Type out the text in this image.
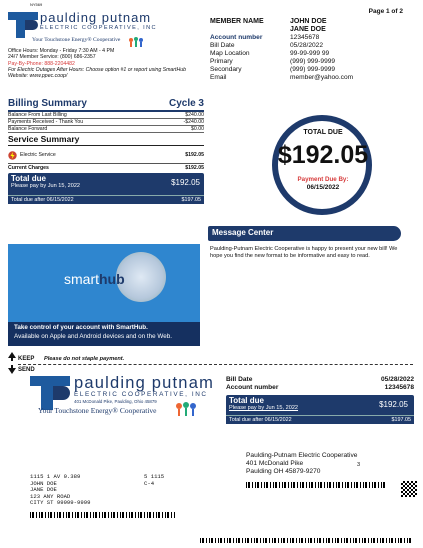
NY569
Page 1 of 2
paulding putnam
ELECTRIC COOPERATIVE, INC
Your Touchstone Energy® Cooperative
Office Hours: Monday - Friday 7:30 AM - 4 PM
24/7 Member Service: (800) 686-2357
Pay-By-Phone: 888-2204482
For Electric Outages After Hours: Choose option #1 or report using SmartHub
Website: www.ppec.coop/
MEMBER NAME	JOHN DOE
JANE DOE
Account number	12345678
Bill Date	05/28/2022
Map Location	99-99-999 99
Primary	(999) 999-9999
Secondary	(999) 999-9999
Email	member@yahoo.com
Billing Summary	Cycle 3
Balance From Last Billing	$240.00
Payments Received - Thank You	-$240.00
Balance Forward	$0.00
Service Summary
Electric Service	$192.05
Current Charges	$192.05
Total due
Please pay by Jun 15, 2022	$192.05
Total due after 06/15/2022	$197.05
TOTAL DUE
$192.05
Payment Due By:
06/15/2022
Message Center
Paulding-Putnam Electric Cooperative is happy to present your new bill! We hope you find the new format to be informative and easy to read.
smarthub
Take control of your account with SmartHub.
Available on Apple and Android devices and on the Web.
KEEP
SEND
Please do not staple payment.
paulding putnam
ELECTRIC COOPERATIVE, INC
401 McDonald Pike, Paulding, Ohio 45879
Your Touchstone Energy® Cooperative
Bill Date	05/28/2022
Account number	12345678
Total due
Please pay by Jun 15, 2022	$192.05
Total due after 06/15/2022	$197.05
Paulding-Putnam Electric Cooperative
401 McDonald Pike
Paulding OH 45879-9270
3
1115 1 AV 0.389
JOHN DOE
JANE DOE
123 ANY ROAD
CITY ST 99999-9999
5 1115
C-4
